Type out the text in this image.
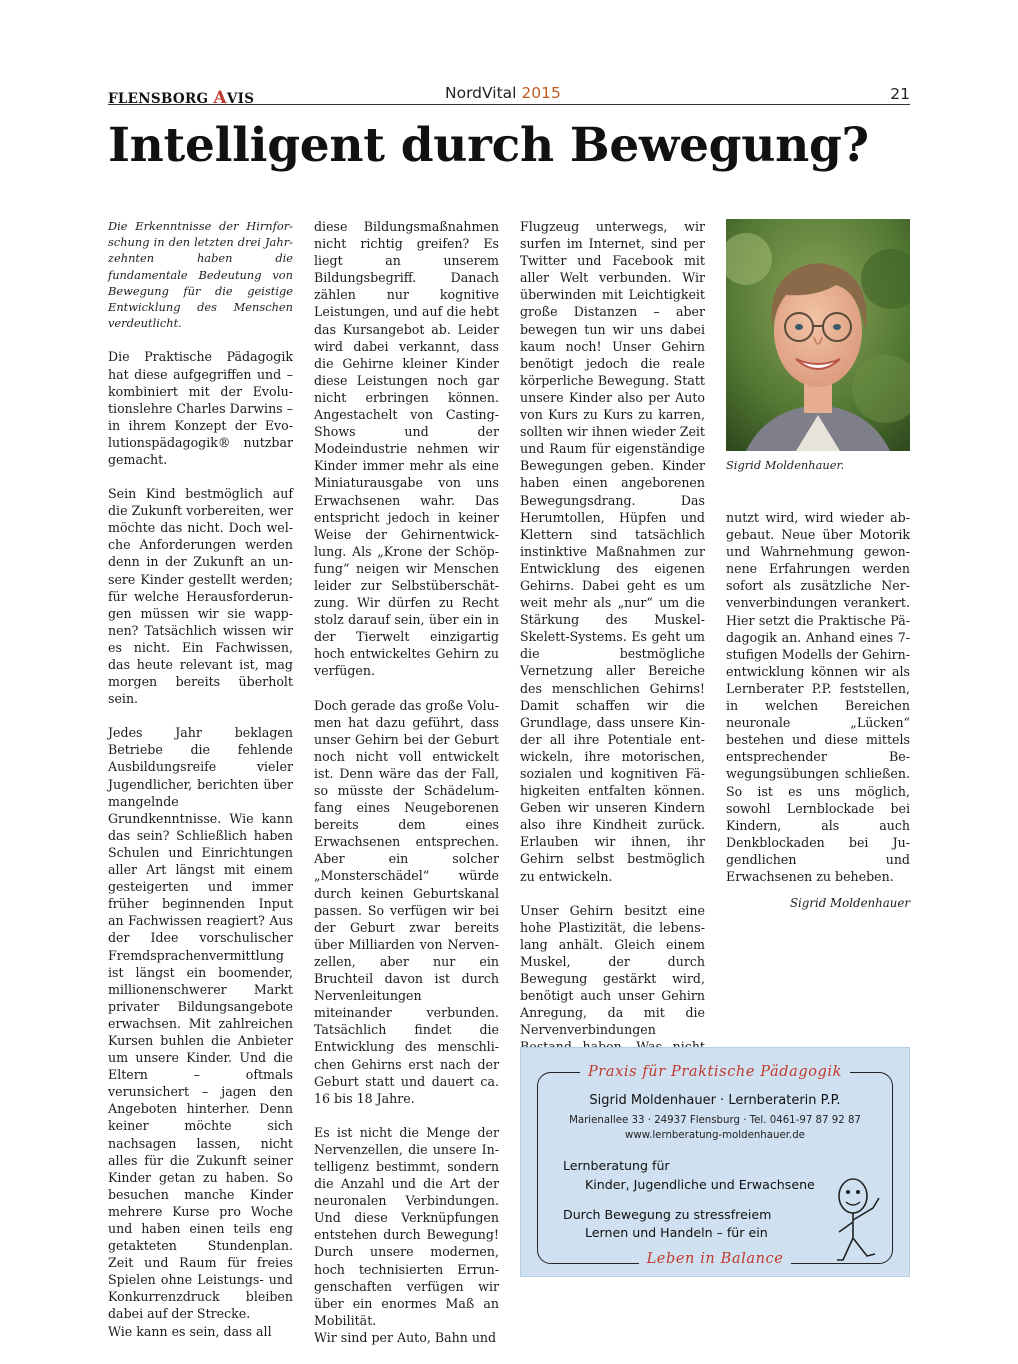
FLENSBORG AVIS	NordVital 2015	21
Intelligent durch Bewegung?

Die Erkenntnisse der Hirnforschung in den letzten drei Jahrzehnten haben die fundamentale Bedeutung von Bewegung für die geistige Entwicklung des Menschen verdeutlicht.

Die Praktische Pädagogik hat diese aufgegriffen und – kombiniert mit der Evolutionslehre Charles Darwins – in ihrem Konzept der Evolutionspädagogik® nutzbar gemacht.

Sein Kind bestmöglich auf die Zukunft vorbereiten, wer möchte das nicht. Doch welche Anforderungen werden denn in der Zukunft an unsere Kinder gestellt werden; für welche Herausforderungen müssen wir sie wappnen? Tatsächlich wissen wir es nicht. Ein Fachwissen, das heute relevant ist, mag morgen bereits überholt sein.

Jedes Jahr beklagen Betriebe die fehlende Ausbildungsreife vieler Jugendlicher, berichten über mangelnde Grundkenntnisse. Wie kann das sein? Schließlich haben Schulen und Einrichtungen aller Art längst mit einem gesteigerten und immer früher beginnenden Input an Fachwissen reagiert? Aus der Idee vorschulischer Fremdsprachenvermittlung ist längst ein boomender, millionenschwerer Markt privater Bildungsangebote erwachsen. Mit zahlreichen Kursen buhlen die Anbieter um unsere Kinder. Und die Eltern – oftmals verunsichert – jagen den Angeboten hinterher. Denn keiner möchte sich nachsagen lassen, nicht alles für die Zukunft seiner Kinder getan zu haben. So besuchen manche Kinder mehrere Kurse pro Woche und haben einen teils eng getakteten Stundenplan. Zeit und Raum für freies Spielen ohne Leistungs- und Konkurrenzdruck bleiben dabei auf der Strecke.

Wie kann es sein, dass all

diese Bildungsmaßnahmen nicht richtig greifen? Es liegt an unserem Bildungsbegriff. Danach zählen nur kognitive Leistungen, und auf die hebt das Kursangebot ab. Leider wird dabei verkannt, dass die Gehirne kleiner Kinder diese Leistungen noch gar nicht erbringen können. Angestachelt von Casting-Shows und der Modeindustrie nehmen wir Kinder immer mehr als eine Miniaturausgabe von uns Erwachsenen wahr. Das entspricht jedoch in keiner Weise der Gehirnentwicklung. Als „Krone der Schöpfung“ neigen wir Menschen leider zur Selbstüberschätzung. Wir dürfen zu Recht stolz darauf sein, über ein in der Tierwelt einzigartig hoch entwickeltes Gehirn zu verfügen.

Doch gerade das große Volumen hat dazu geführt, dass unser Gehirn bei der Geburt noch nicht voll entwickelt ist. Denn wäre das der Fall, so müsste der Schädelumfang eines Neugeborenen bereits dem eines Erwachsenen entsprechen. Aber ein solcher „Monsterschädel“ würde durch keinen Geburtskanal passen. So verfügen wir bei der Geburt zwar bereits über Milliarden von Nervenzellen, aber nur ein Bruchteil davon ist durch Nervenleitungen miteinander verbunden. Tatsächlich findet die Entwicklung des menschlichen Gehirns erst nach der Geburt statt und dauert ca. 16 bis 18 Jahre.

Es ist nicht die Menge der Nervenzellen, die unsere Intelligenz bestimmt, sondern die Anzahl und die Art der neuronalen Verbindungen. Und diese Verknüpfungen entstehen durch Bewegung! Durch unsere modernen, hoch technisierten Errungenschaften verfügen wir über ein enormes Maß an Mobilität.

Wir sind per Auto, Bahn und

Flugzeug unterwegs, wir surfen im Internet, sind per Twitter und Facebook mit aller Welt verbunden. Wir überwinden mit Leichtigkeit große Distanzen – aber bewegen tun wir uns dabei kaum noch! Unser Gehirn benötigt jedoch die reale körperliche Bewegung. Statt unsere Kinder also per Auto von Kurs zu Kurs zu karren, sollten wir ihnen wieder Zeit und Raum für eigenständige Bewegungen geben. Kinder haben einen angeborenen Bewegungsdrang. Das Herumtollen, Hüpfen und Klettern sind tatsächlich instinktive Maßnahmen zur Entwicklung des eigenen Gehirns. Dabei geht es um weit mehr als „nur“ um die Stärkung des Muskel-Skelett-Systems. Es geht um die bestmögliche Vernetzung aller Bereiche des menschlichen Gehirns! Damit schaffen wir die Grundlage, dass unsere Kinder all ihre Potentiale entwickeln, ihre motorischen, sozialen und kognitiven Fähigkeiten entfalten können. Geben wir unseren Kindern also ihre Kindheit zurück. Erlauben wir ihnen, ihr Gehirn selbst bestmöglich zu entwickeln.

Unser Gehirn besitzt eine hohe Plastizität, die lebenslang anhält. Gleich einem Muskel, der durch Bewegung gestärkt wird, benötigt auch unser Gehirn Anregung, da mit die Nervenverbindungen

Sigrid Moldenhauer.

nutzt wird, wird wieder abgebaut. Neue über Motorik und Wahrnehmung gewonnene Erfahrungen werden sofort als zusätzliche Nervenverbindungen verankert. Hier setzt die Praktische Pädagogik an. Anhand eines 7-stufigen Modells der Gehirnentwicklung können wir als Lernberater P.P. feststellen, in welchen Bereichen neuronale „Lücken“ bestehen und diese mittels entsprechender Bewegungsübungen schließen. So ist es uns möglich, sowohl Lernblockade bei Kindern, als auch Denkblockaden bei Jugendlichen und Erwachsenen zu beheben.

Sigrid Moldenhauer

Praxis für Praktische Pädagogik
Sigrid Moldenhauer · Lernberaterin P.P.
Marienallee 33 · 24937 Flensburg · Tel. 0461-97 87 92 87
www.lernberatung-moldenhauer.de
Lernberatung für
Kinder, Jugendliche und Erwachsene
Durch Bewegung zu stressfreiem
Lernen und Handeln – für ein
Leben in Balance
